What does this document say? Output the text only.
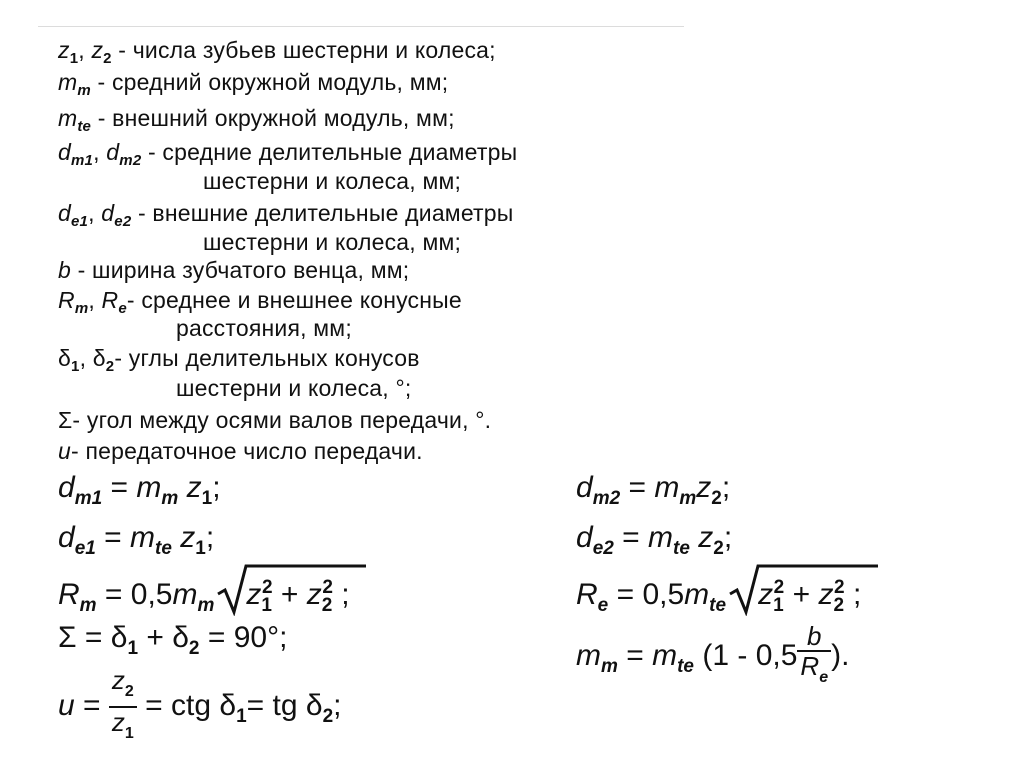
$z_1$, $z_2$ - числа зубьев шестерни и колеса;
$m_m$ - средний окружной модуль, мм;
$m_{te}$ - внешний окружной модуль, мм;
$d_{m1}$, $d_{m2}$ - средние делительные диаметры
шестерни и колеса, мм;
$d_{e1}$, $d_{e2}$ - внешние делительные диаметры
шестерни и колеса, мм;
b - ширина зубчатого венца, мм;
$R_m$, $R_e-$ среднее и внешнее конусные
расстояния, мм;
$\delta_1$, $\delta_2-$ углы делительных конусов
шестерни и колеса, °;
Σ- угол между осями валов передачи, °.
u- передаточное число передачи.
$d_{m1} = m_m$ $z_1$;	$d_{m2} = m_mz_2$;
$d_{e1} = m_{te}$ $z_1$;	$d_{e2} = m_{te}$ $z_2$;
$R_m = 0,5m_m$ $z_1^2 + z_2^2$ ;	$R_e = 0,5m_{te}$ $z_1^2 + z_2^2$ ;
$\Sigma = \delta_1 + \delta_2 = 90^\circ$;
$m_m = m_{te}$ ($1 - 0,5 \frac{b}{R_e}$ ).
$u = \frac{z_2}{z_1}$ = ctg $\delta_1=$ tg $\delta_2$;
